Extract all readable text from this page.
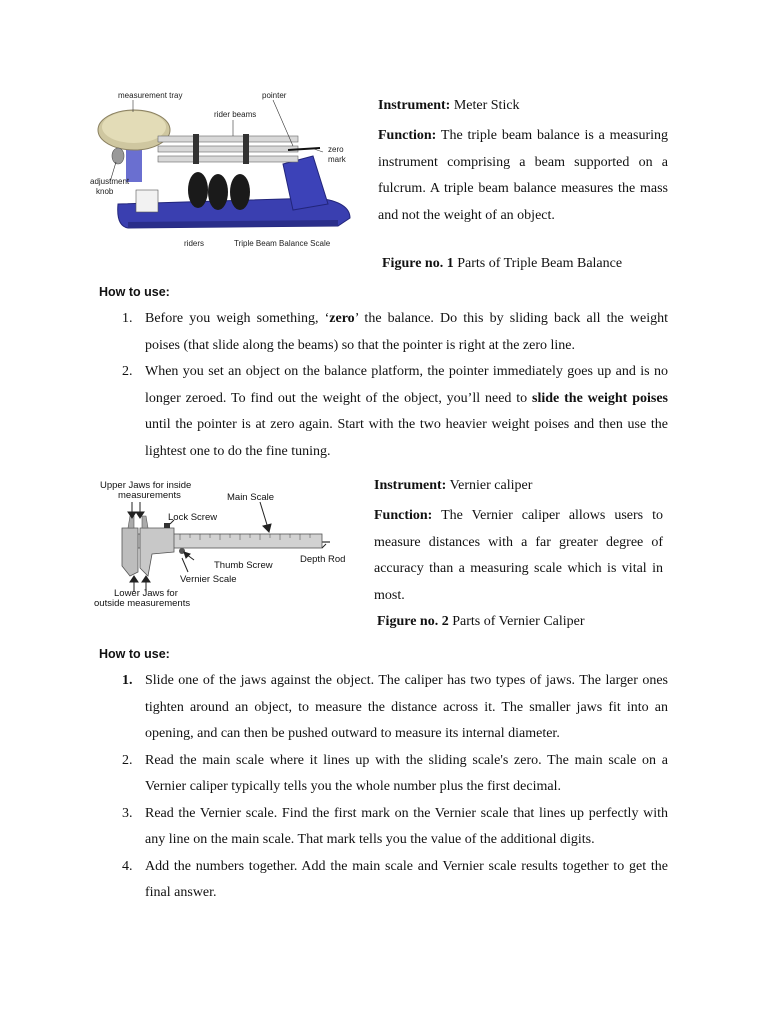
measurement tray	pointer
rider beams
zero
mark
adjustment
knob
riders	Triple Beam Balance Scale
Instrument: Meter Stick
Function: The triple beam balance is a measuring instrument comprising a beam supported on a fulcrum. A triple beam balance measures the mass and not the weight of an object.
Figure no. 1 Parts of Triple Beam Balance
How to use:
1. Before you weigh something, ‘zero’ the balance. Do this by sliding back all the weight poises (that slide along the beams) so that the pointer is right at the zero line.
2. When you set an object on the balance platform, the pointer immediately goes up and is no longer zeroed. To find out the weight of the object, you’ll need to slide the weight poises until the pointer is at zero again. Start with the two heavier weight poises and then use the lightest one to do the fine tuning.
Upper Jaws for inside
measurements	Main Scale
Lock Screw
Thumb Screw
Depth Rod
Vernier Scale
Lower Jaws for
outside measurements
Instrument: Vernier caliper
Function: The Vernier caliper allows users to measure distances with a far greater degree of accuracy than a measuring scale which is vital in most.
Figure no. 2 Parts of Vernier Caliper
How to use:
1. Slide one of the jaws against the object. The caliper has two types of jaws. The larger ones tighten around an object, to measure the distance across it. The smaller jaws fit into an opening, and can then be pushed outward to measure its internal diameter.
2. Read the main scale where it lines up with the sliding scale's zero. The main scale on a Vernier caliper typically tells you the whole number plus the first decimal.
3. Read the Vernier scale. Find the first mark on the Vernier scale that lines up perfectly with any line on the main scale. That mark tells you the value of the additional digits.
4. Add the numbers together. Add the main scale and Vernier scale results together to get the final answer.
